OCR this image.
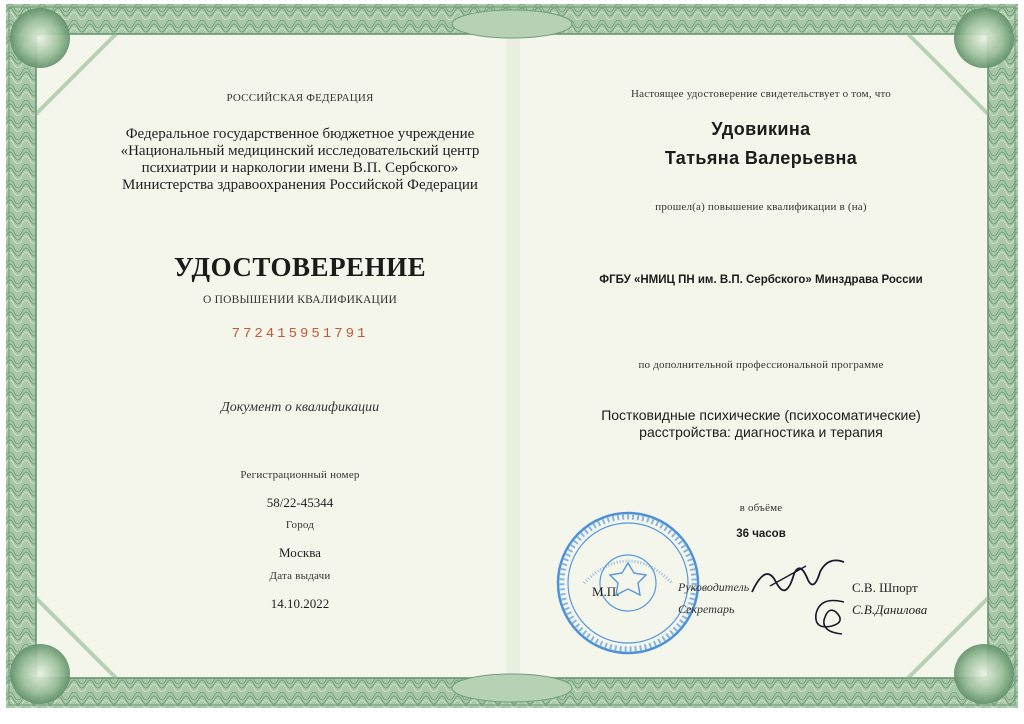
РОССИЙСКАЯ ФЕДЕРАЦИЯ
Федеральное государственное бюджетное учреждение
«Национальный медицинский исследовательский центр
психиатрии и наркологии имени В.П. Сербского»
Министерства здравоохранения Российской Федерации
УДОСТОВЕРЕНИЕ
О ПОВЫШЕНИИ КВАЛИФИКАЦИИ
772415951791
Документ о квалификации
Регистрационный номер
58/22-45344
Город
Москва
Дата выдачи
14.10.2022
Настоящее удостоверение свидетельствует о том, что
Удовикина
Татьяна Валерьевна
прошел(а) повышение квалификации в (на)
ФГБУ «НМИЦ ПН им. В.П. Сербского» Минздрава России
по дополнительной профессиональной программе
Постковидные психические (психосоматические)
расстройства: диагностика и терапия
в объёме
36 часов
М.П.	Руководитель	С.В. Шпорт
Секретарь	С.В.Данилова
